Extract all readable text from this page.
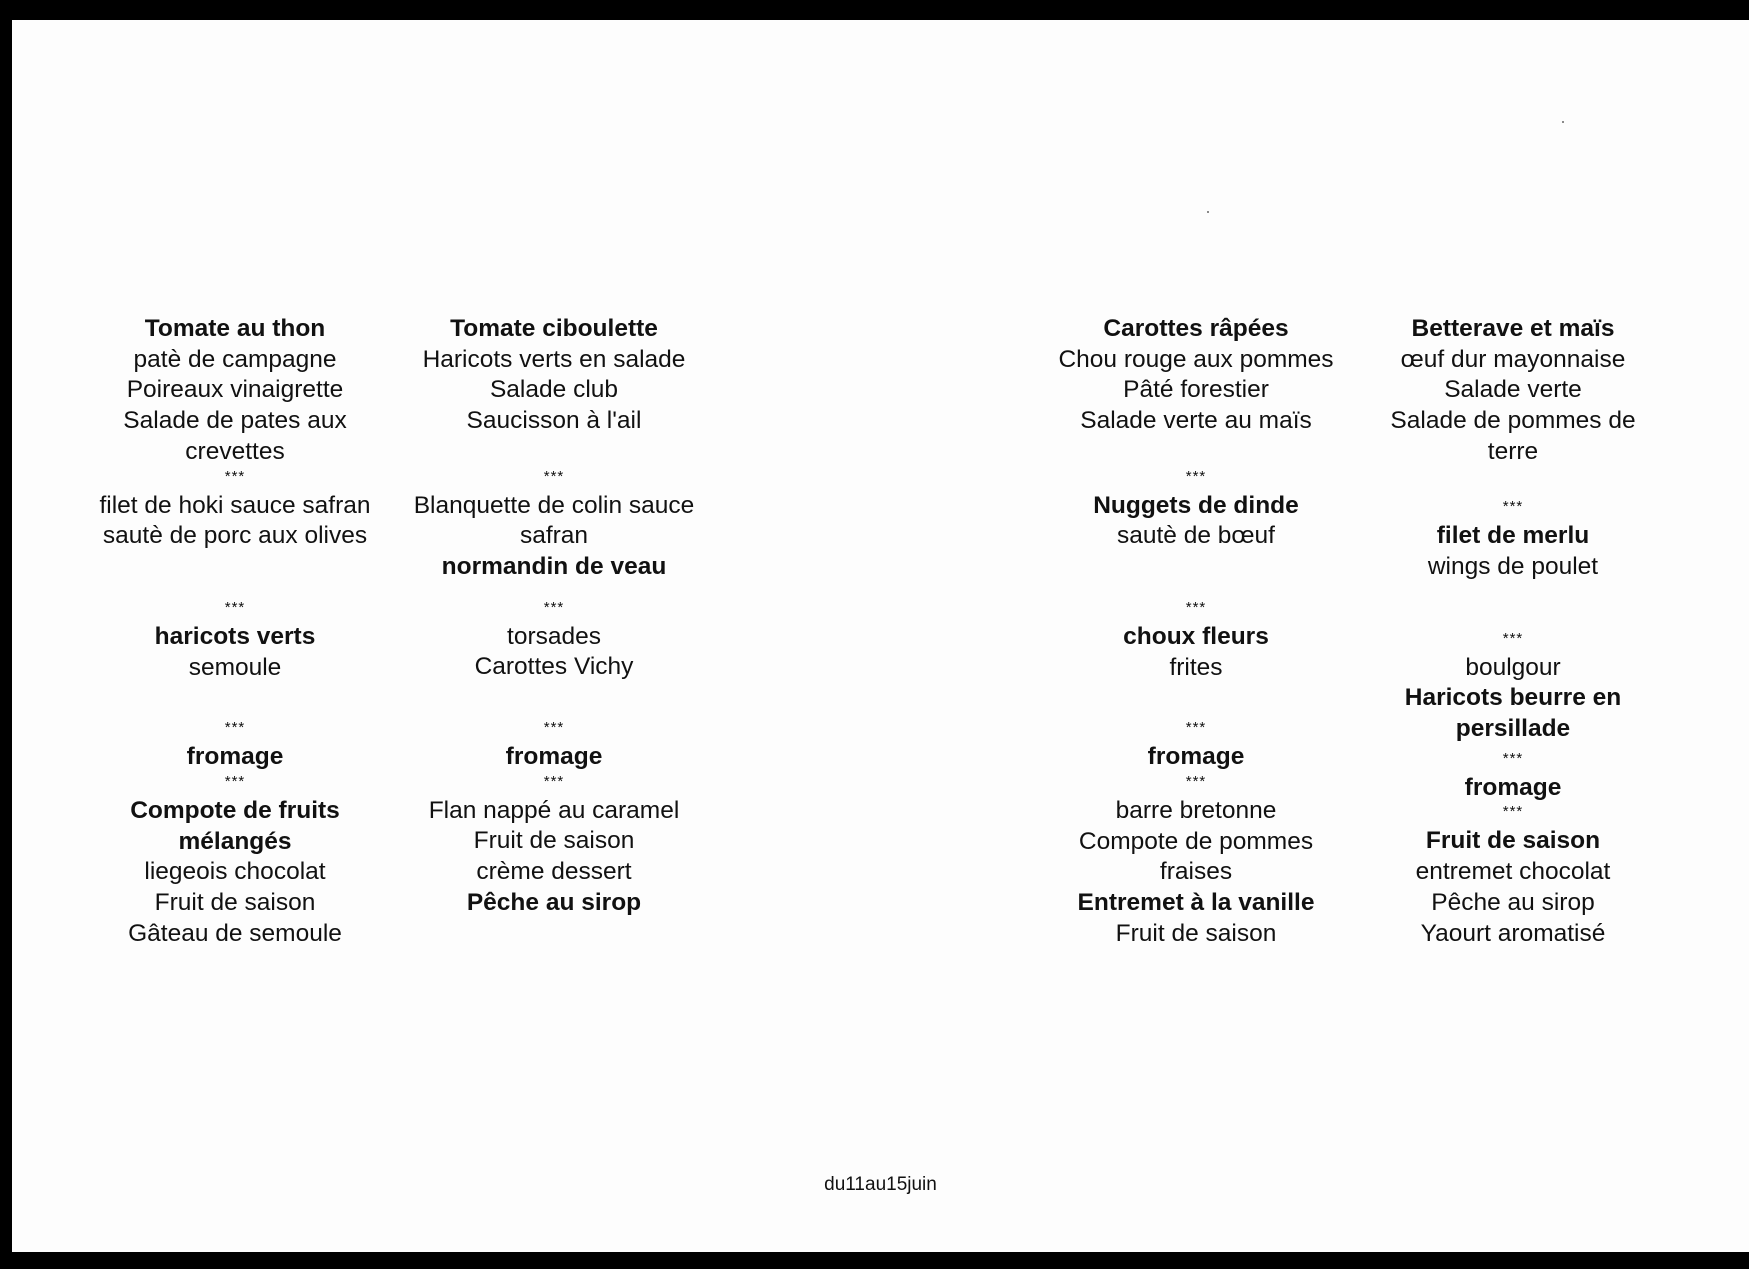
Tomate au thon
patè de campagne
Poireaux vinaigrette
Salade de pates aux
crevettes
***
filet de hoki sauce safran
sautè de porc aux olives
***
haricots verts
semoule
***
fromage
***
Compote de fruits
mélangés
liegeois chocolat
Fruit de saison
Gâteau de semoule
Tomate ciboulette
Haricots verts en salade
Salade club
Saucisson à l'ail
***
Blanquette de colin sauce
safran
normandin de veau
***
torsades
Carottes Vichy
***
fromage
***
Flan nappé au caramel
Fruit de saison
crème dessert
Pêche au sirop
Carottes râpées
Chou rouge aux pommes
Pâté forestier
Salade verte au maïs
***
Nuggets de dinde
sautè de bœuf
***
choux fleurs
frites
***
fromage
***
barre bretonne
Compote de pommes fraises
Entremet à la vanille
Fruit de saison
Betterave et maïs
œuf dur mayonnaise
Salade verte
Salade de pommes de terre
***
filet de merlu
wings de poulet
***
boulgour
Haricots beurre en
persillade
***
fromage
***
Fruit de saison
entremet chocolat
Pêche au sirop
Yaourt aromatisé
du11au15juin
